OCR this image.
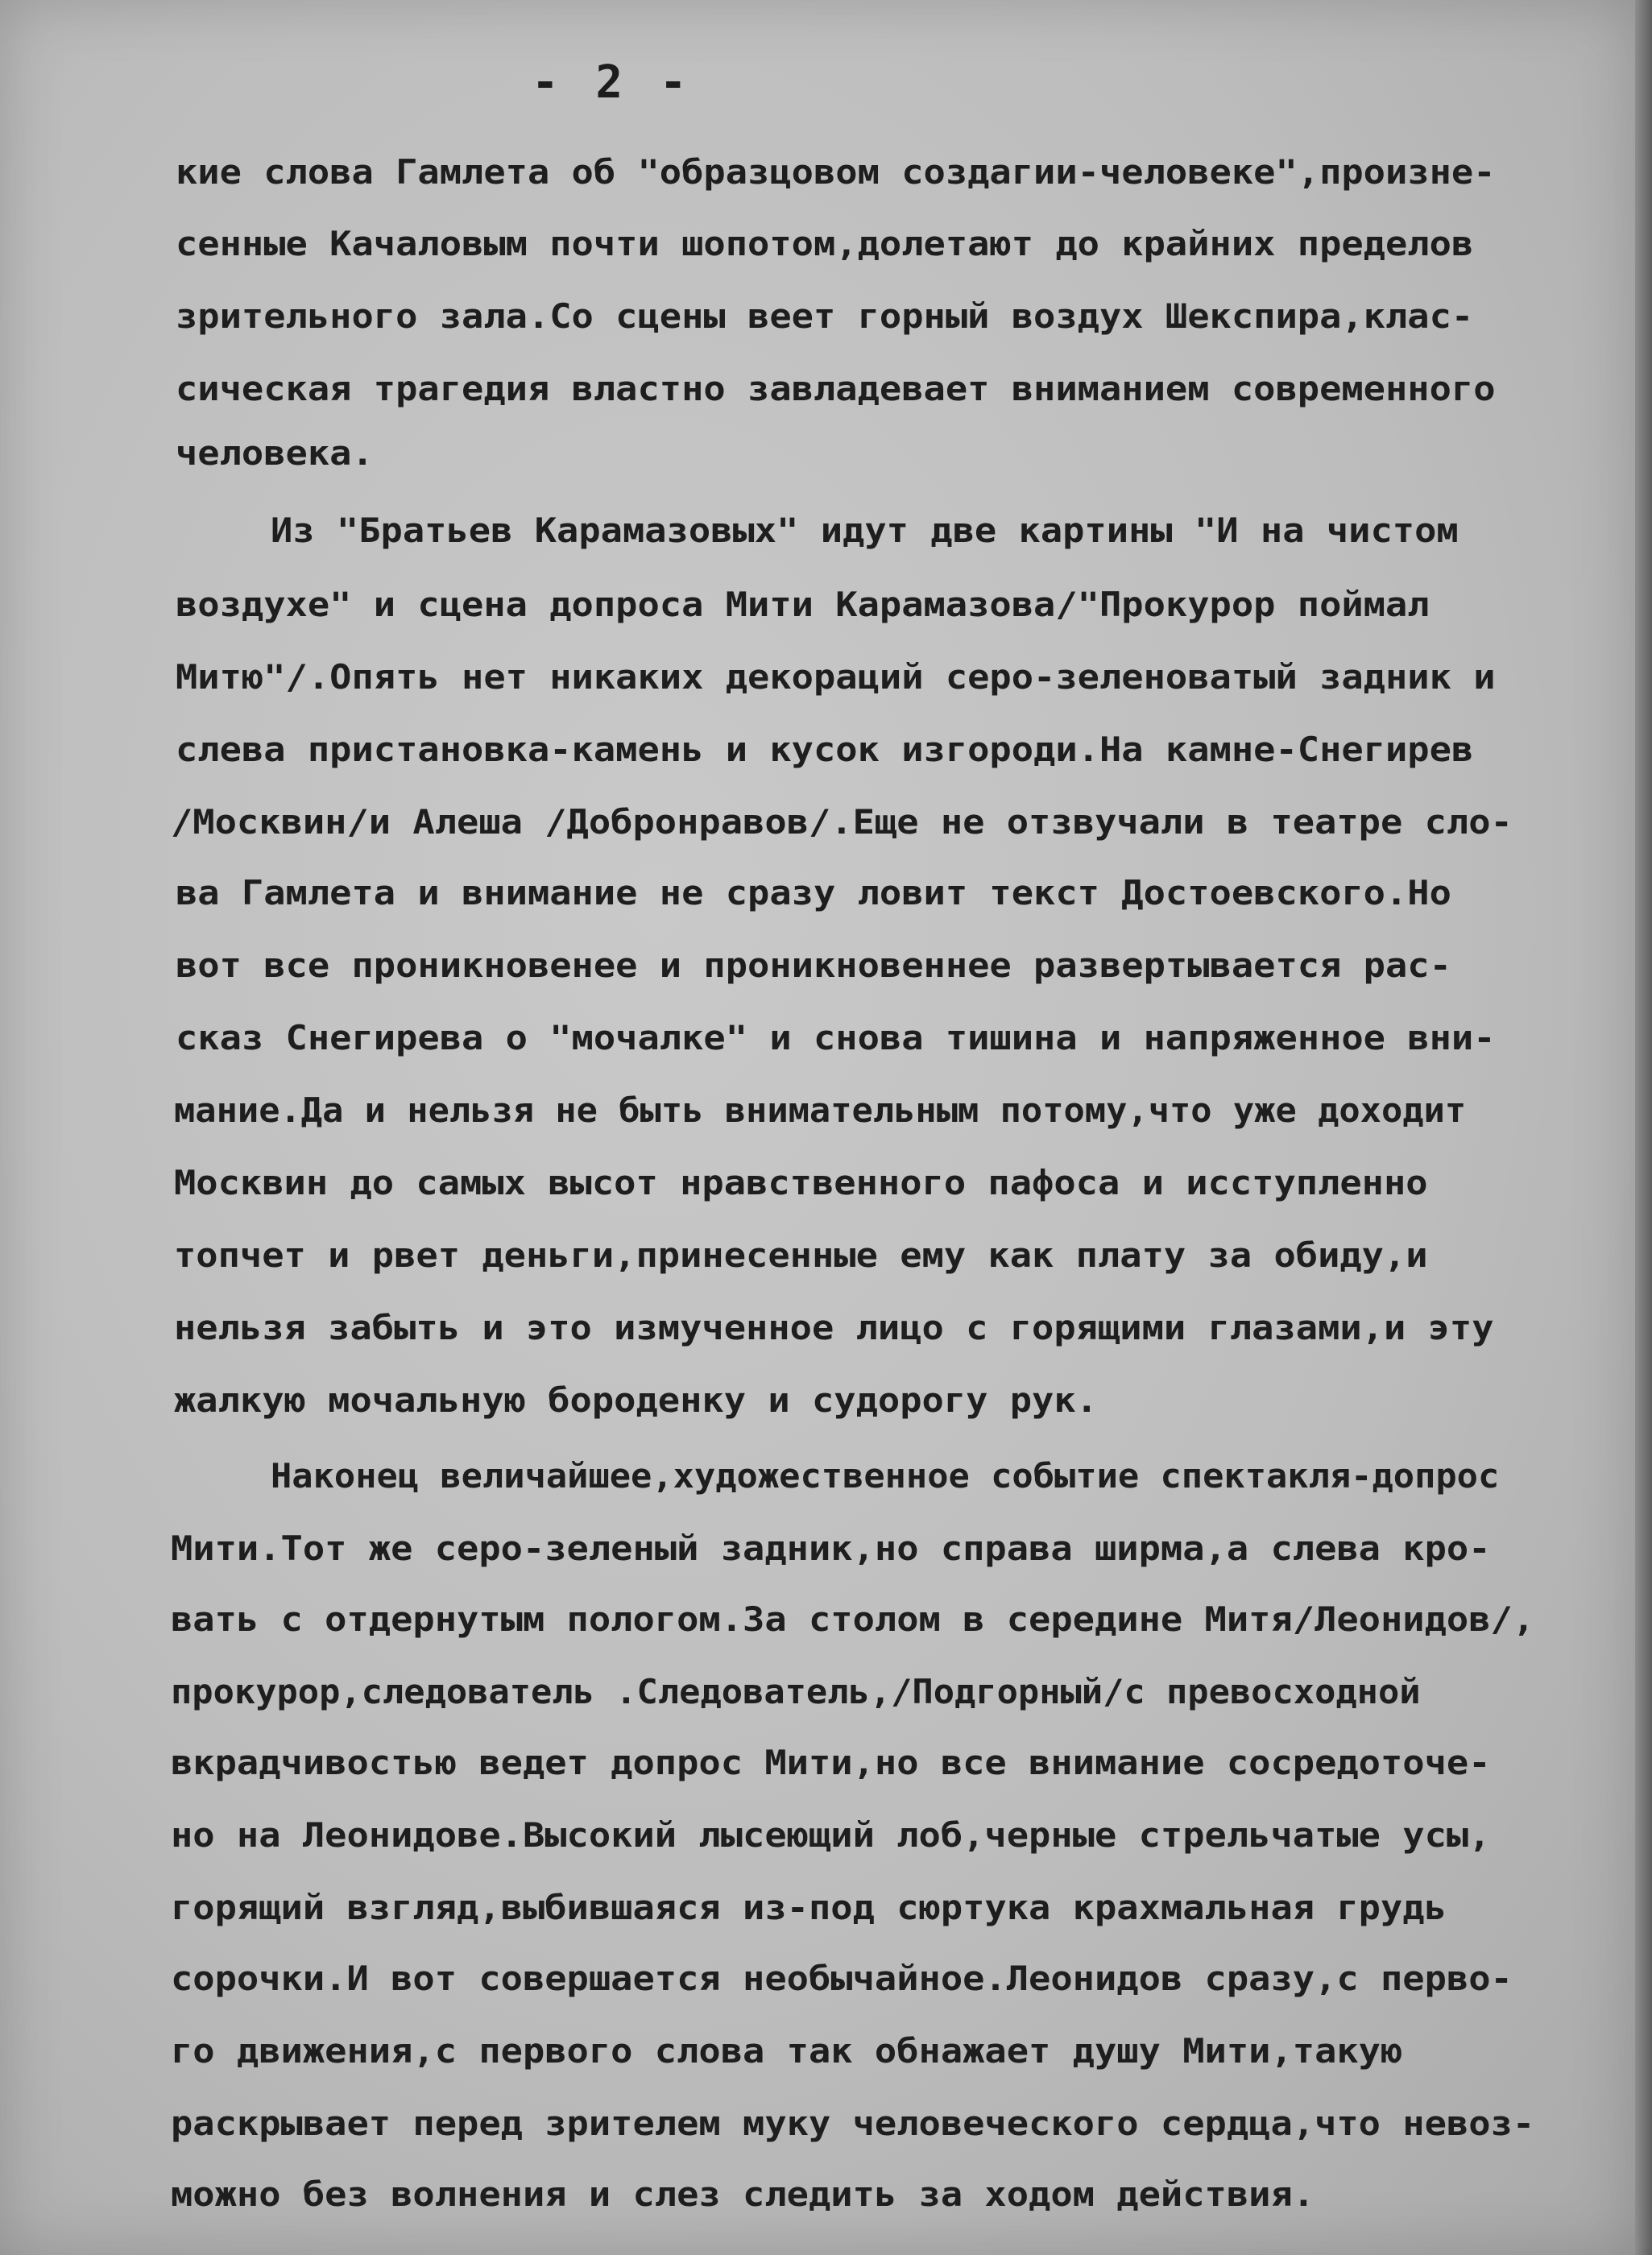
- 2 -

кие слова Гамлета об "образцовом создагии-человеке",произне-

сенные Качаловым почти шопотом,долетают до крайних пределов

зрительного зала.Со сцены веет горный воздух Шекспира,клас-

сическая трагедия властно завладевает вниманием современного

человека.

Из "Братьев Карамазовых" идут две картины "И на чистом

воздухе" и сцена допроса Мити Карамазова/"Прокурор поймал

Митю"/.Опять нет никаких декораций серо-зеленоватый задник и

слева пристановка-камень и кусок изгороди.На камне-Снегирев

/Москвин/и Алеша /Добронравов/.Еще не отзвучали в театре сло-

ва Гамлета и внимание не сразу ловит текст Достоевского.Но

вот все проникновенее и проникновеннее развертывается рас-

сказ Снегирева о "мочалке" и снова тишина и напряженное вни-

мание.Да и нельзя не быть внимательным потому,что уже доходит

Москвин до самых высот нравственного пафоса и исступленно

топчет и рвет деньги,принесенные ему как плату за обиду,и

нельзя забыть и это измученное лицо с горящими глазами,и эту

жалкую мочальную бороденку и судорогу рук.

Наконец величайшее,художественное событие спектакля-допрос

Мити.Тот же серо-зеленый задник,но справа ширма,а слева кро-

вать с отдернутым пологом.За столом в середине Митя/Леонидов/,

прокурор,следователь .Следователь,/Подгорный/с превосходной

вкрадчивостью ведет допрос Мити,но все внимание сосредоточе-

но на Леонидове.Высокий лысеющий лоб,черные стрельчатые усы,

горящий взгляд,выбившаяся из-под сюртука крахмальная грудь

сорочки.И вот совершается необычайное.Леонидов сразу,с перво-

го движения,с первого слова так обнажает душу Мити,такую

раскрывает перед зрителем муку человеческого сердца,что невоз-

можно без волнения и слез следить за ходом действия.
